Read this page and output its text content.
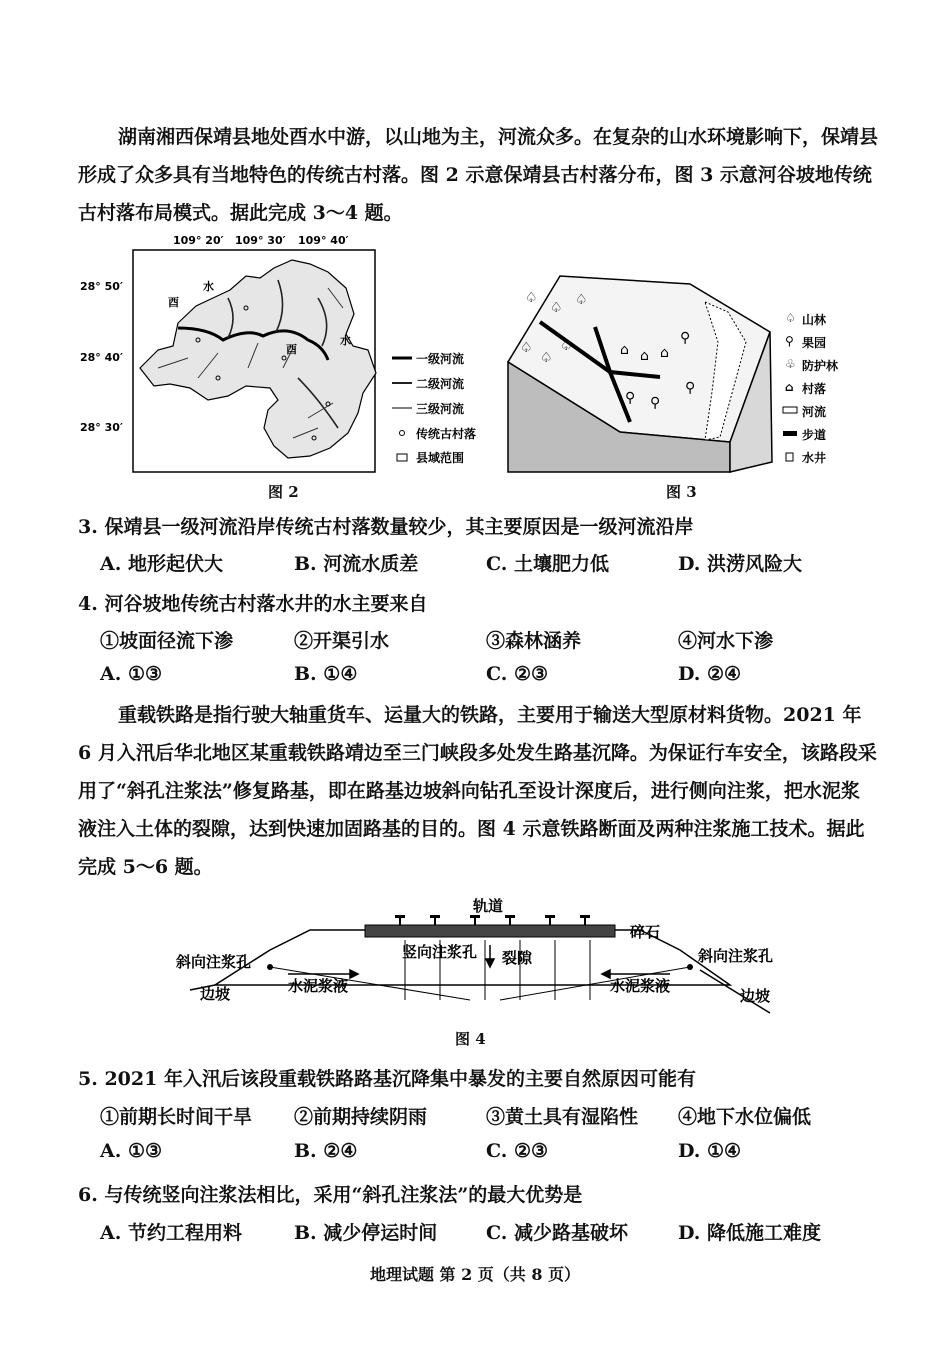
湖南湘西保靖县地处酉水中游，以山地为主，河流众多。在复杂的山水环境影响下，保靖县形成了众多具有当地特色的传统古村落。图 2 示意保靖县古村落分布，图 3 示意河谷坡地传统古村落布局模式。据此完成 3～4 题。
109° 20′ 109° 30′ 109° 40′
28° 50′
28° 40′
28° 30′
酉
水
酉
水
一级河流
二级河流
三级河流
传统古村落
县域范围
图 2
♤
♤ ♤
♤
♤
♤	⌂ ⌂ ⌂
⚲ ⚲
⚲
⚲
♤ 山林
⚲ 果园
♧ 防护林
⌂ 村落
河流
步道
水井
图 3
3. 保靖县一级河流沿岸传统古村落数量较少，其主要原因是一级河流沿岸
A. 地形起伏大	B. 河流水质差	C. 土壤肥力低	D. 洪涝风险大
4. 河谷坡地传统古村落水井的水主要来自
①坡面径流下渗	②开渠引水	③森林涵养	④河水下渗
A. ①③	B. ①④	C. ②③	D. ②④
重载铁路是指行驶大轴重货车、运量大的铁路，主要用于输送大型原材料货物。2021 年 6 月入汛后华北地区某重载铁路靖边至三门峡段多处发生路基沉降。为保证行车安全，该路段采用了“斜孔注浆法”修复路基，即在路基边坡斜向钻孔至设计深度后，进行侧向注浆，把水泥浆液注入土体的裂隙，达到快速加固路基的目的。图 4 示意铁路断面及两种注浆施工技术。据此完成 5～6 题。
轨道
碎石
斜向注浆孔
竖向注浆孔	斜向注浆孔
裂隙
边坡	边坡
水泥浆液	水泥浆液
图 4
5. 2021 年入汛后该段重载铁路路基沉降集中暴发的主要自然原因可能有
①前期长时间干旱 ②前期持续阴雨	③黄土具有湿陷性 ④地下水位偏低
A. ①③	B. ②④	C. ②③	D. ①④
6. 与传统竖向注浆法相比，采用“斜孔注浆法”的最大优势是
A. 节约工程用料	B. 减少停运时间	C. 减少路基破坏	D. 降低施工难度
地理试题 第 2 页（共 8 页）
